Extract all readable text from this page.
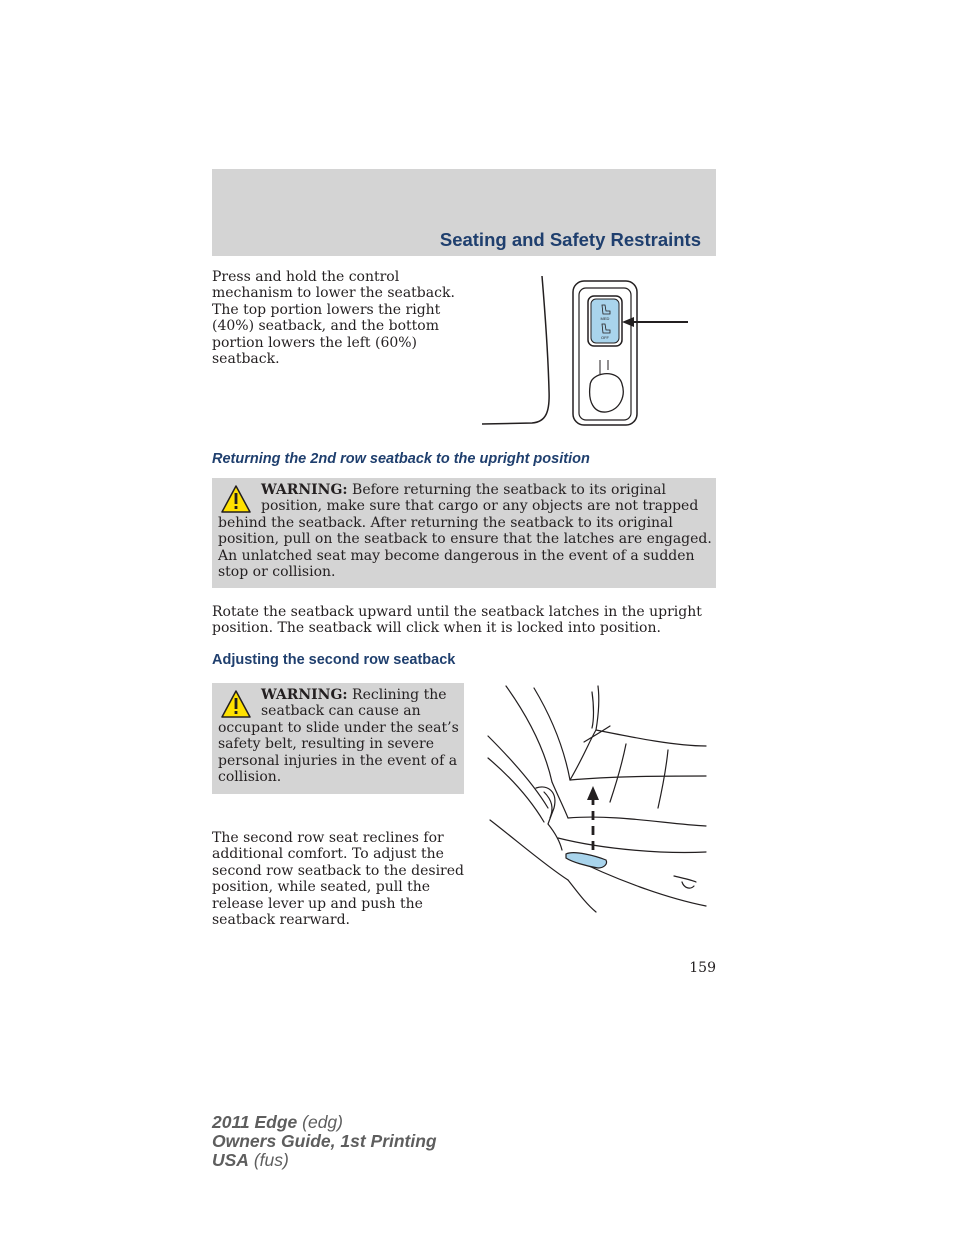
Seating and Safety Restraints

Press and hold the control
mechanism to lower the seatback.
The top portion lowers the right
(40%) seatback, and the bottom
portion lowers the left (60%)
seatback.

MED
OFF
Returning the 2nd row seatback to the upright position

WARNING: Before returning the seatback to its original
position, make sure that cargo or any objects are not trapped
behind the seatback. After returning the seatback to its original
position, pull on the seatback to ensure that the latches are engaged.
An unlatched seat may become dangerous in the event of a sudden
stop or collision.

Rotate the seatback upward until the seatback latches in the upright
position. The seatback will click when it is locked into position.

Adjusting the second row seatback

WARNING: Reclining the
seatback can cause an
occupant to slide under the seat’s
safety belt, resulting in severe
personal injuries in the event of a
collision.

The second row seat reclines for
additional comfort. To adjust the
second row seatback to the desired
position, while seated, pull the
release lever up and push the
seatback rearward.

159
2011 Edge (edg)
Owners Guide, 1st Printing
USA (fus)
